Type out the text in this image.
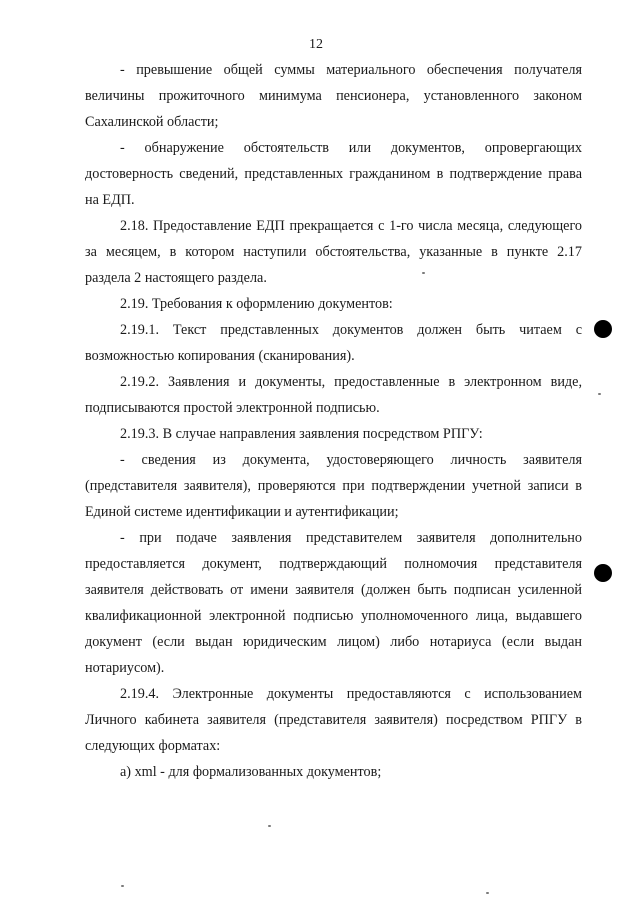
12

- превышение общей суммы материального обеспечения получателя величины прожиточного минимума пенсионера, установленного законом Сахалинской области;

- обнаружение обстоятельств или документов, опровергающих достоверность сведений, представленных гражданином в подтверждение права на ЕДП.

2.18. Предоставление ЕДП прекращается с 1-го числа месяца, следующего за месяцем, в котором наступили обстоятельства, указанные в пункте 2.17 раздела 2 настоящего раздела.

2.19. Требования к оформлению документов:

2.19.1. Текст представленных документов должен быть читаем с возможностью копирования (сканирования).

2.19.2. Заявления и документы, предоставленные в электронном виде, подписываются простой электронной подписью.

2.19.3. В случае направления заявления посредством РПГУ:

- сведения из документа, удостоверяющего личность заявителя (представителя заявителя), проверяются при подтверждении учетной записи в Единой системе идентификации и аутентификации;

- при подаче заявления представителем заявителя дополнительно предоставляется документ, подтверждающий полномочия представителя заявителя действовать от имени заявителя (должен быть подписан усиленной квалификационной электронной подписью уполномоченного лица, выдавшего документ (если выдан юридическим лицом) либо нотариуса (если выдан нотариусом).

2.19.4. Электронные документы предоставляются с использованием Личного кабинета заявителя (представителя заявителя) посредством РПГУ в следующих форматах:

а) xml - для формализованных документов;
